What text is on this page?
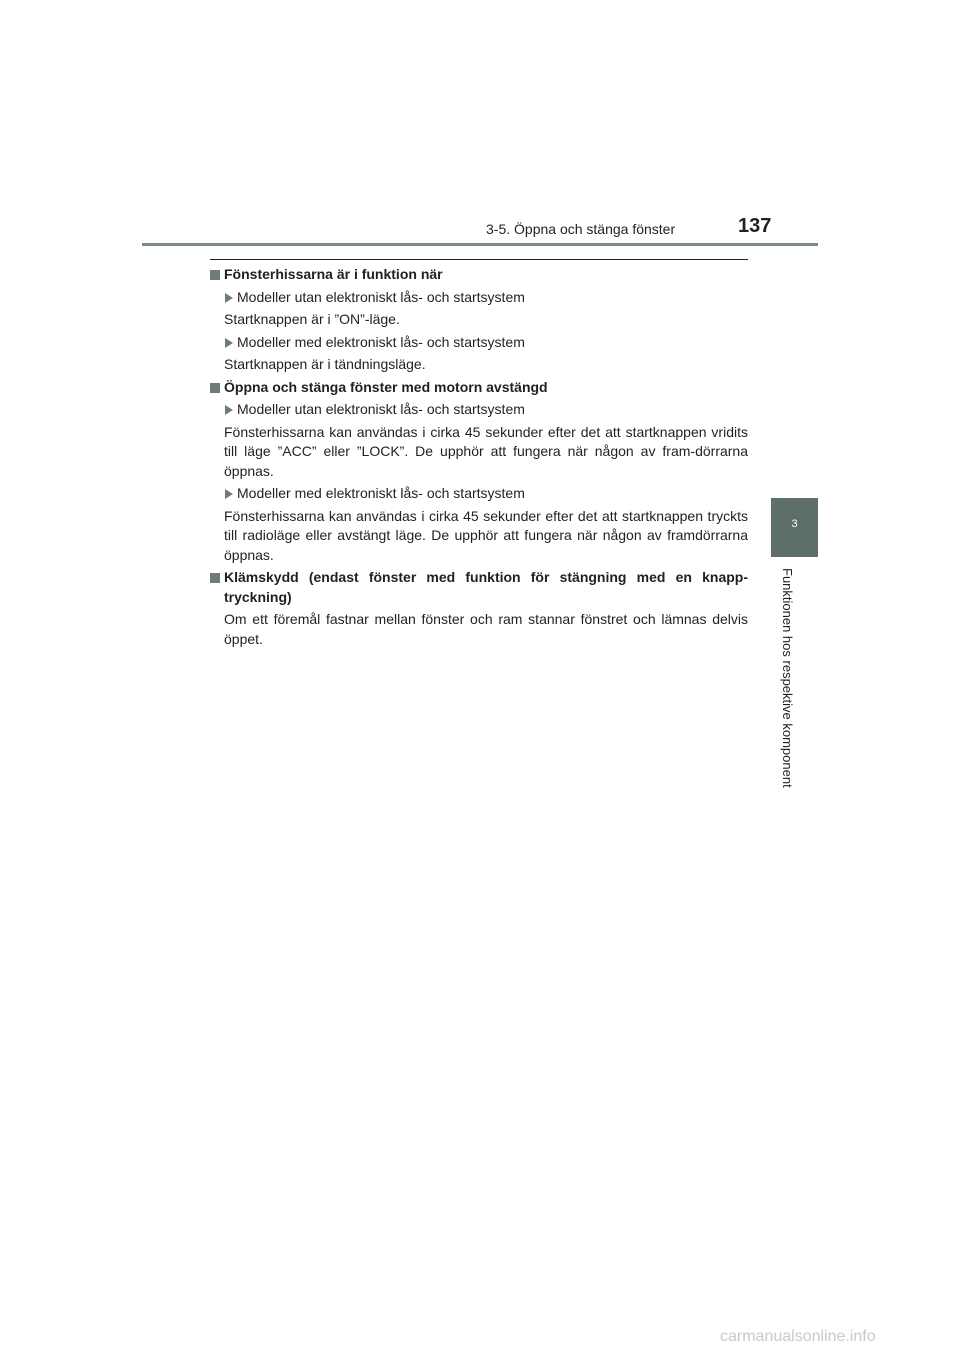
3-5. Öppna och stänga fönster	137
3
Funktionen hos respektive komponent
Fönsterhissarna är i funktion när
Modeller utan elektroniskt lås- och startsystem
Startknappen är i ”ON”-läge.
Modeller med elektroniskt lås- och startsystem
Startknappen är i tändningsläge.
Öppna och stänga fönster med motorn avstängd
Modeller utan elektroniskt lås- och startsystem
Fönsterhissarna kan användas i cirka 45 sekunder efter det att startknappen vridits till läge ”ACC” eller ”LOCK”. De upphör att fungera när någon av fram-dörrarna öppnas.
Modeller med elektroniskt lås- och startsystem
Fönsterhissarna kan användas i cirka 45 sekunder efter det att startknappen tryckts till radioläge eller avstängt läge. De upphör att fungera när någon av framdörrarna öppnas.
Klämskydd (endast fönster med funktion för stängning med en knapp-tryckning)
Om ett föremål fastnar mellan fönster och ram stannar fönstret och lämnas delvis öppet.
carmanualsonline.info
